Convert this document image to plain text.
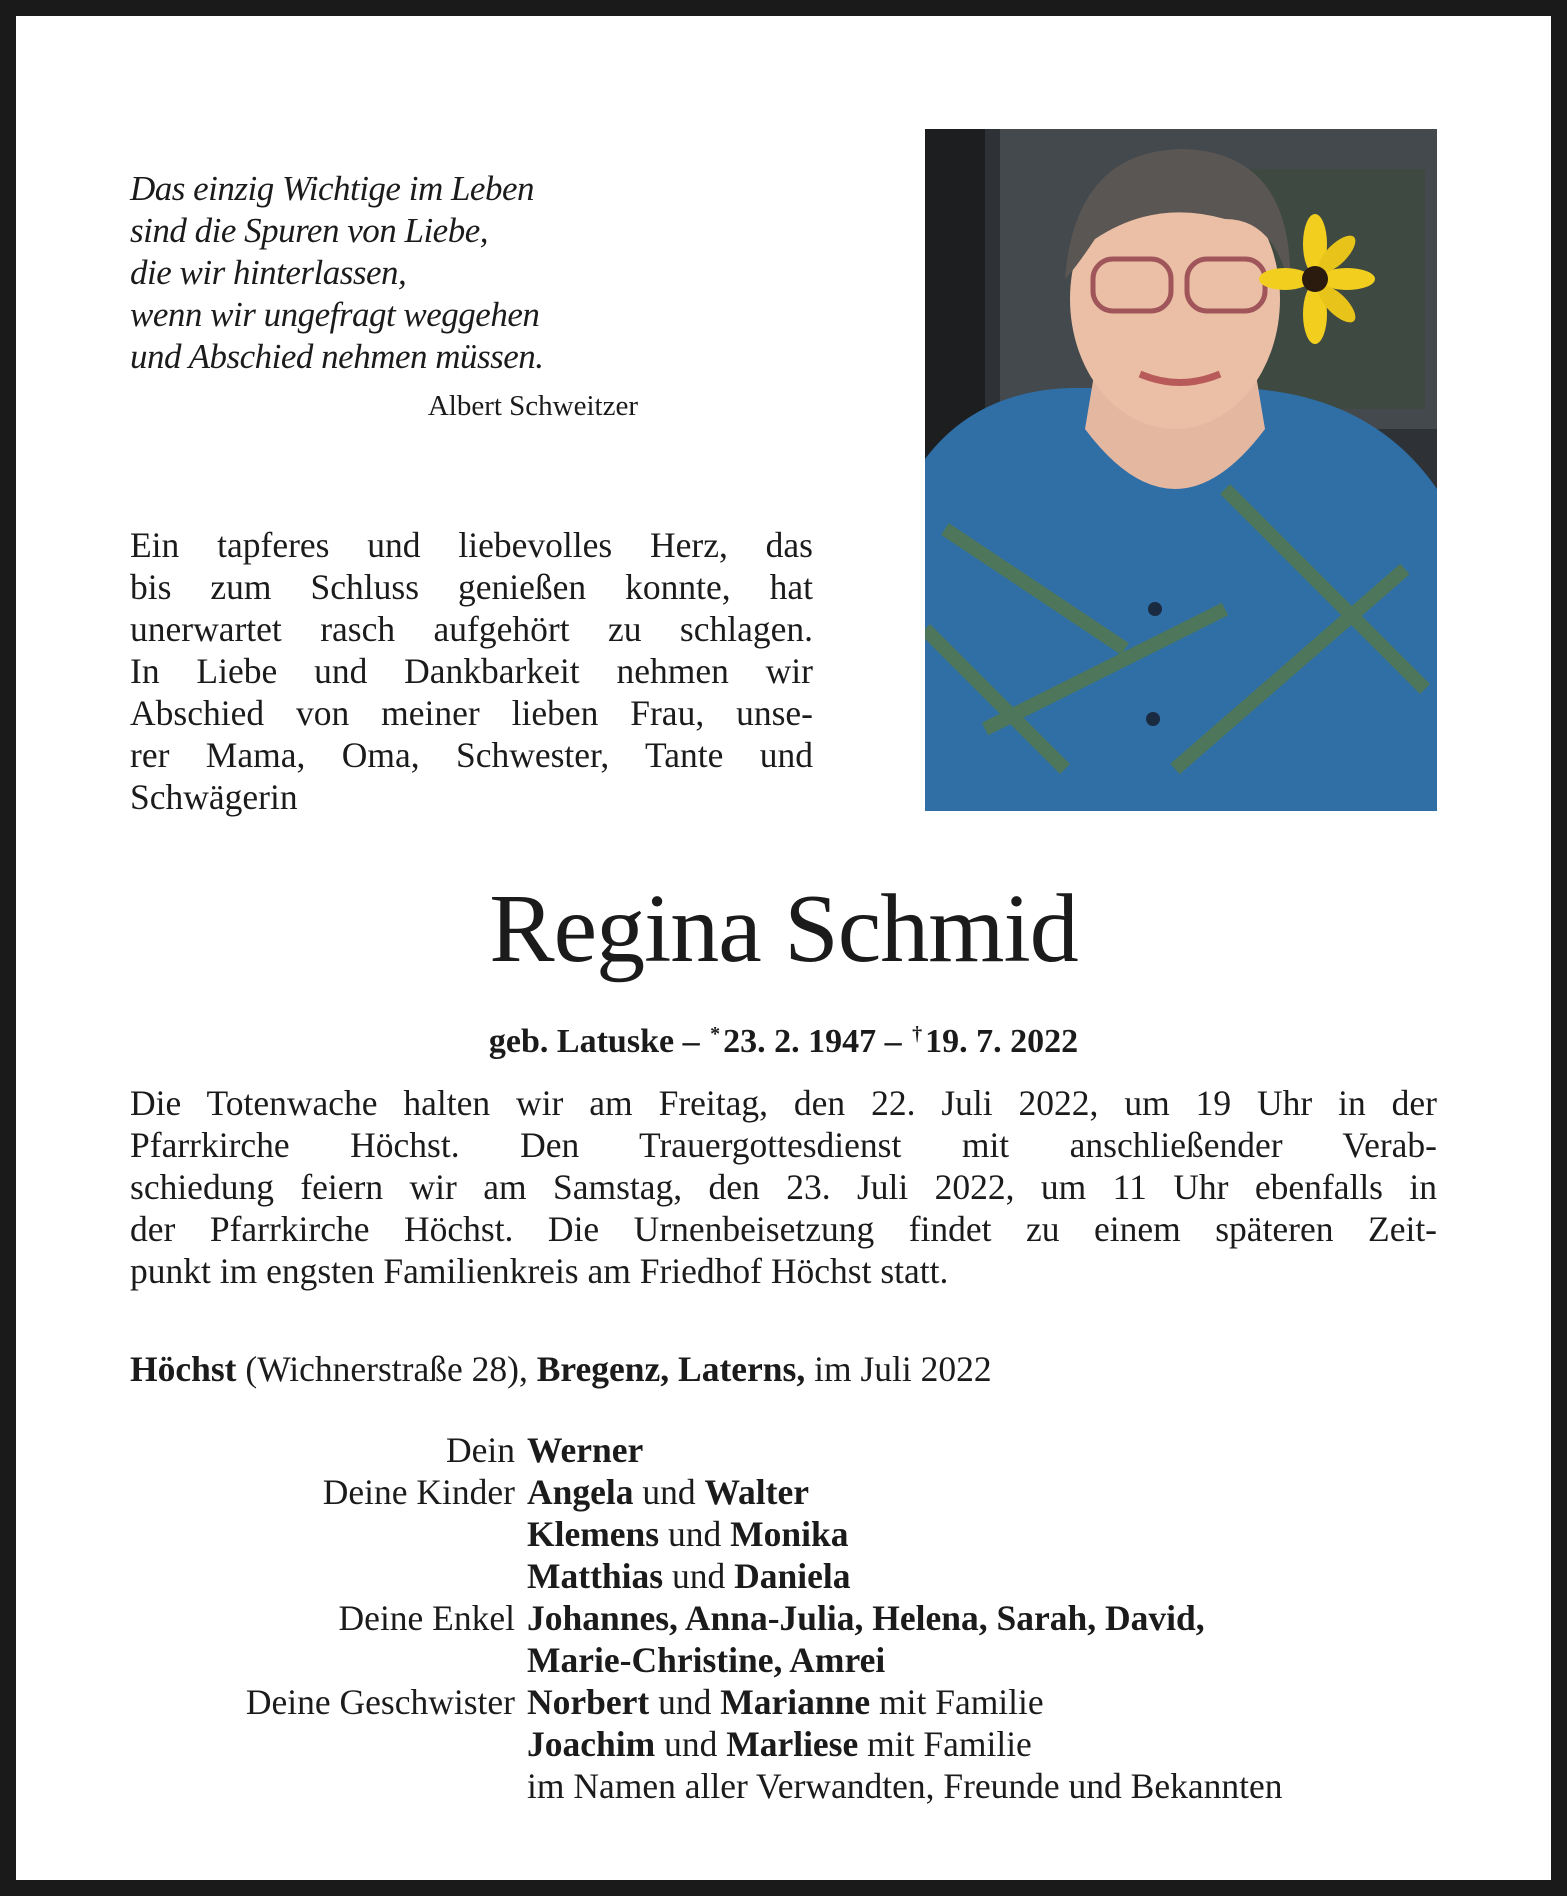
Das einzig Wichtige im Leben
sind die Spuren von Liebe,
die wir hinterlassen,
wenn wir ungefragt weggehen
und Abschied nehmen müssen.
Albert Schweitzer
Ein tapferes und liebevolles Herz, das
bis zum Schluss genießen konnte, hat
unerwartet rasch aufgehört zu schlagen.
In Liebe und Dankbarkeit nehmen wir
Abschied von meiner lieben Frau, unse-
rer Mama, Oma, Schwester, Tante und
Schwägerin
Regina Schmid
geb. Latuske – *23. 2. 1947 – †19. 7. 2022
Die Totenwache halten wir am Freitag, den 22. Juli 2022, um 19 Uhr in der
Pfarrkirche Höchst. Den Trauergottesdienst mit anschließender Verab-
schiedung feiern wir am Samstag, den 23. Juli 2022, um 11 Uhr ebenfalls in
der Pfarrkirche Höchst. Die Urnenbeisetzung findet zu einem späteren Zeit-
punkt im engsten Familienkreis am Friedhof Höchst statt.
Höchst (Wichnerstraße 28), Bregenz, Laterns, im Juli 2022
Dein Werner
Deine Kinder Angela und Walter
Klemens und Monika
Matthias und Daniela
Deine Enkel Johannes, Anna-Julia, Helena, Sarah, David,
Marie-Christine, Amrei
Deine Geschwister Norbert und Marianne mit Familie
Joachim und Marliese mit Familie
im Namen aller Verwandten, Freunde und Bekannten
